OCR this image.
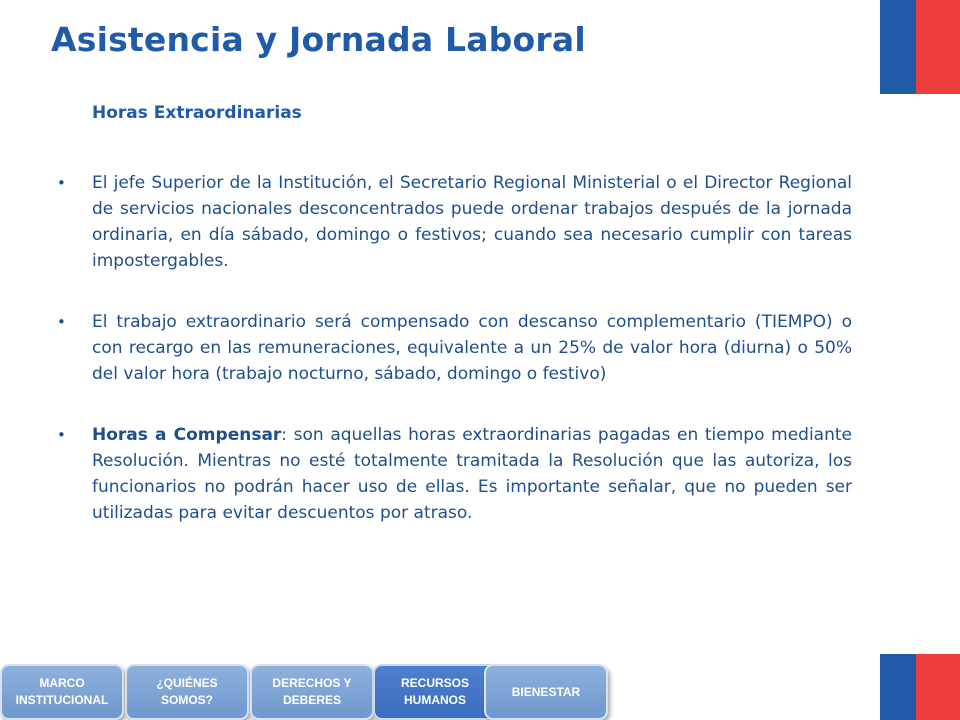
Asistencia y Jornada Laboral
Horas Extraordinarias
• El jefe Superior de la Institución, el Secretario Regional Ministerial o el Director Regional de servicios nacionales desconcentrados puede ordenar trabajos después de la jornada ordinaria, en día sábado, domingo o festivos; cuando sea necesario cumplir con tareas impostergables.
• El trabajo extraordinario será compensado con descanso complementario (TIEMPO) o con recargo en las remuneraciones, equivalente a un 25% de valor hora (diurna) o 50% del valor hora (trabajo nocturno, sábado, domingo o festivo)
• Horas a Compensar: son aquellas horas extraordinarias pagadas en tiempo mediante Resolución. Mientras no esté totalmente tramitada la Resolución que las autoriza, los funcionarios no podrán hacer uso de ellas. Es importante señalar, que no pueden ser utilizadas para evitar descuentos por atraso.
MARCO
INSTITUCIONAL
¿QUIÉNES
SOMOS?
DERECHOS Y
DEBERES
RECURSOS
HUMANOS
BIENESTAR
